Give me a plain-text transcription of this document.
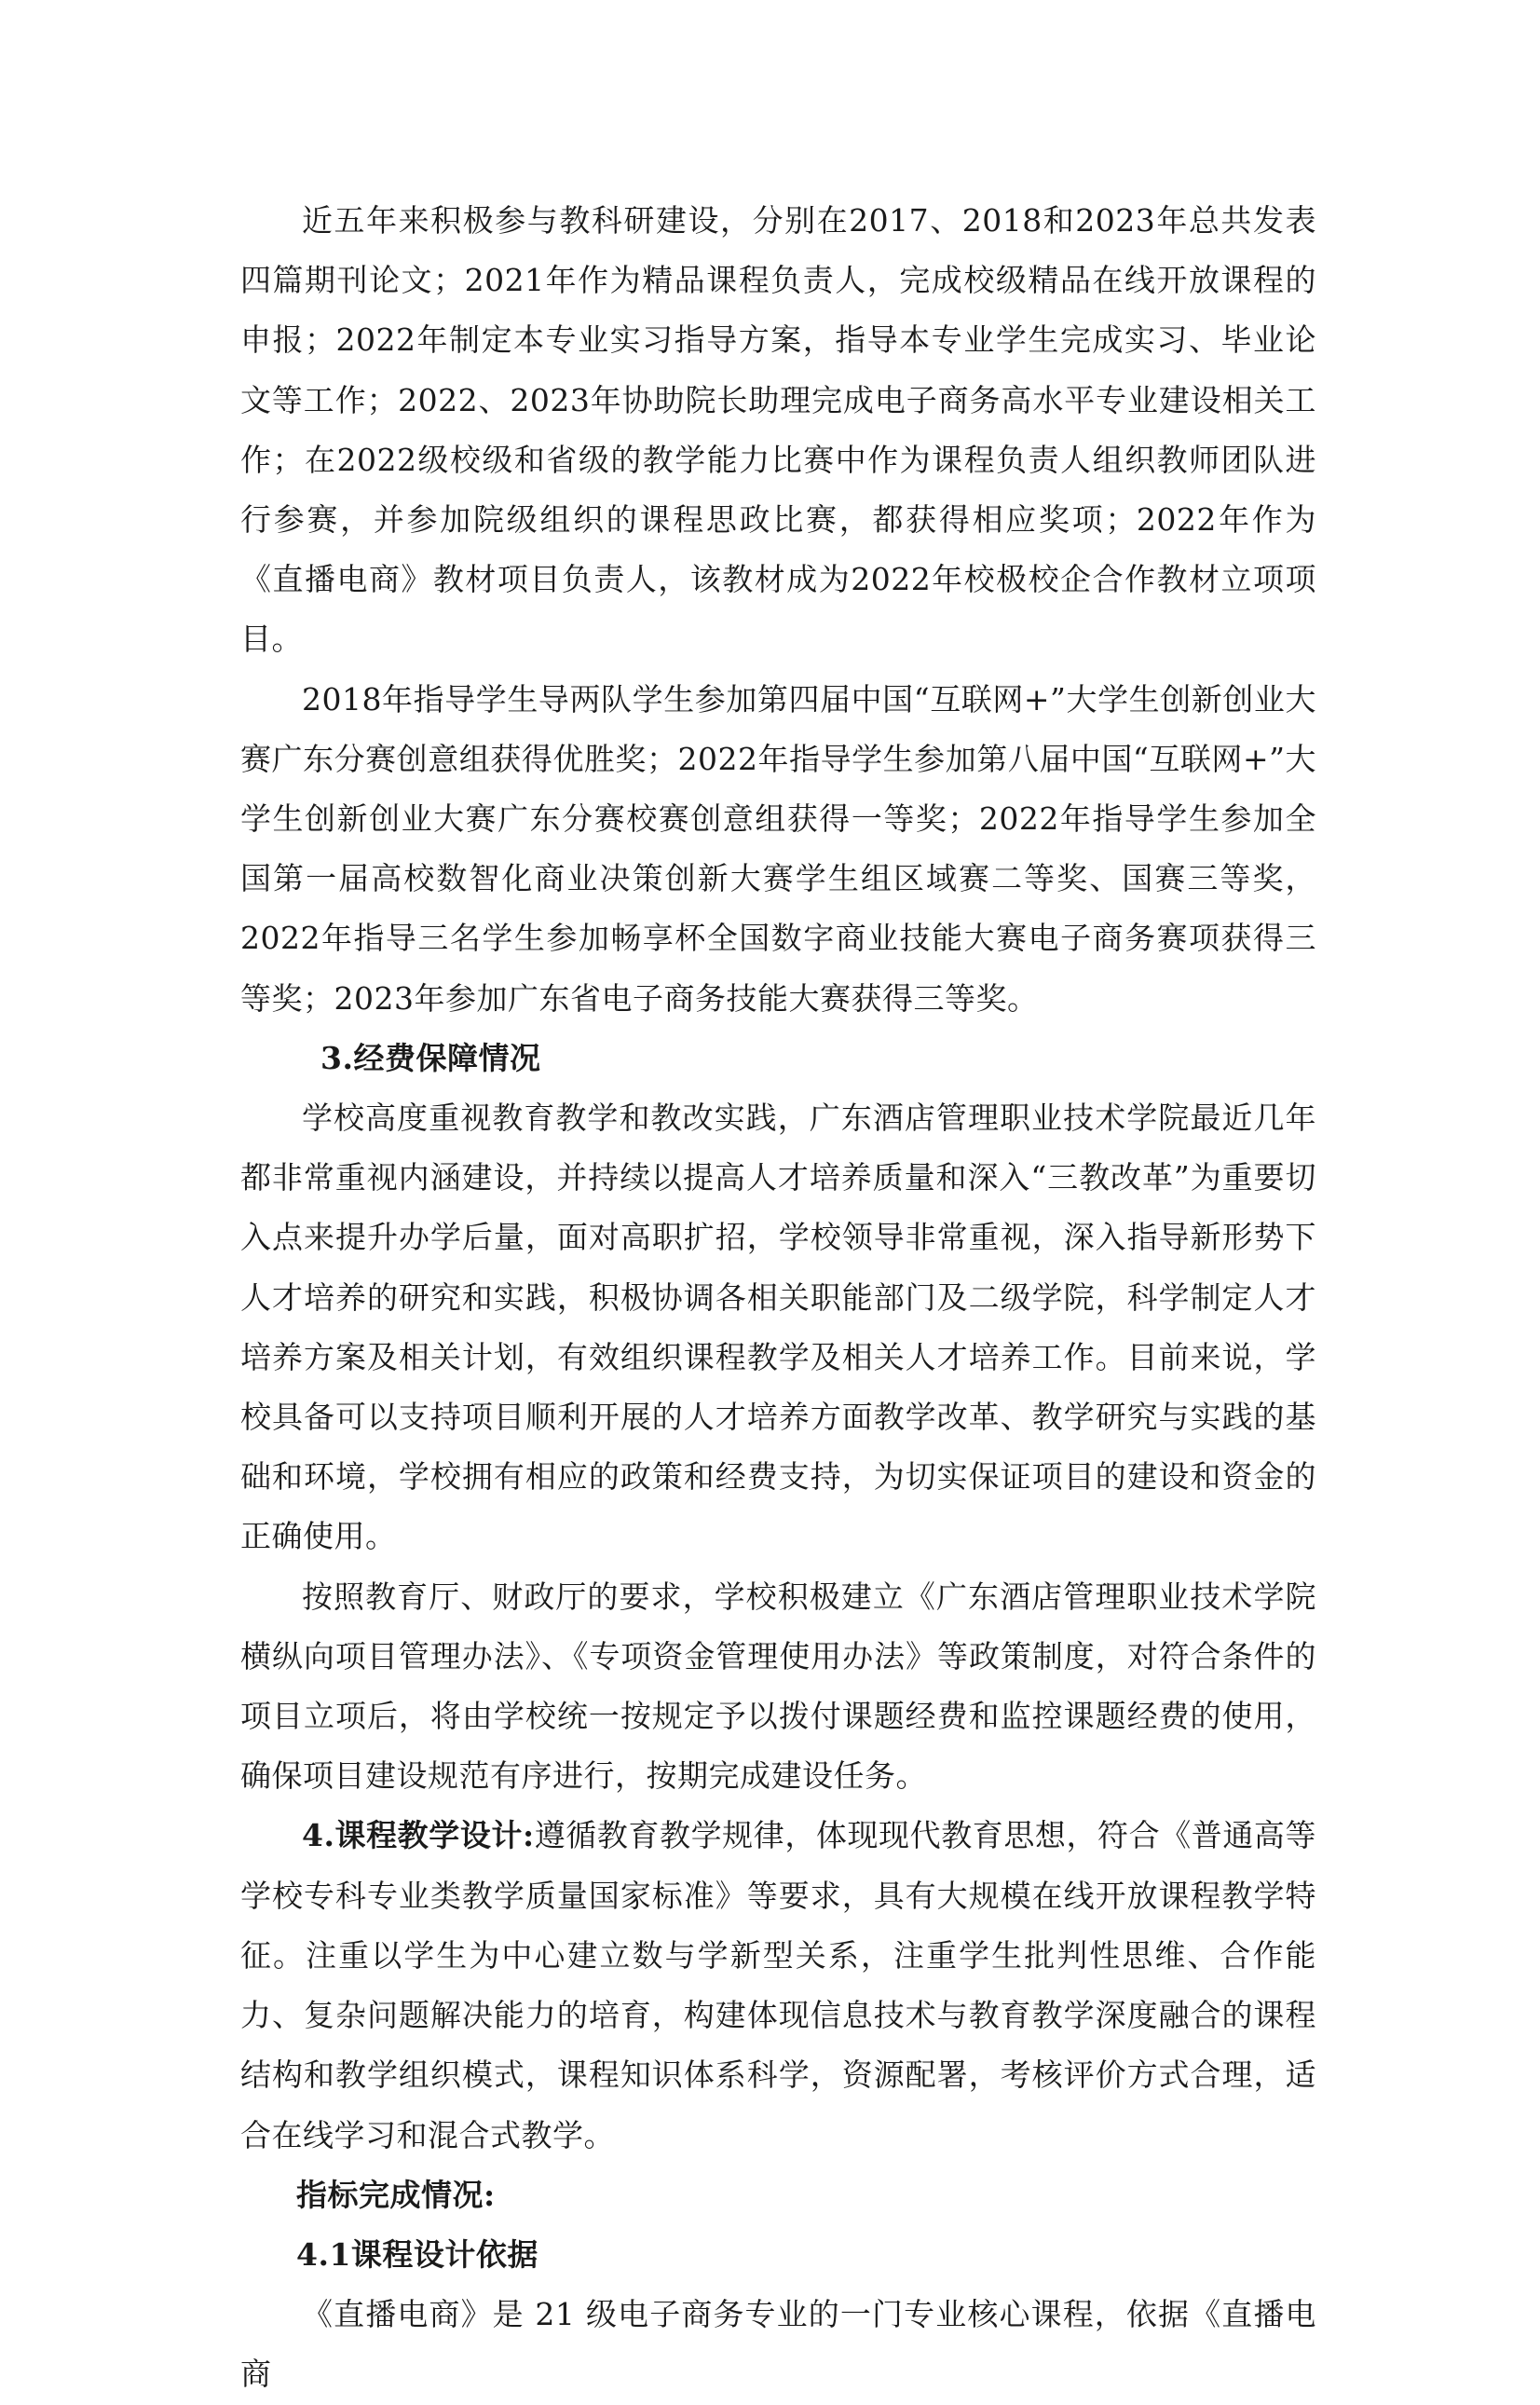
近五年来积极参与教科研建设，分别在2017、2018和2023年总共发表四篇期刊论文；2021年作为精品课程负责人，完成校级精品在线开放课程的申报；2022年制定本专业实习指导方案，指导本专业学生完成实习、毕业论文等工作；2022、2023年协助院长助理完成电子商务高水平专业建设相关工作；在2022级校级和省级的教学能力比赛中作为课程负责人组织教师团队进行参赛，并参加院级组织的课程思政比赛，都获得相应奖项；2022年作为《直播电商》教材项目负责人，该教材成为2022年校极校企合作教材立项项目。

2018年指导学生导两队学生参加第四届中国“互联网+”大学生创新创业大赛广东分赛创意组获得优胜奖；2022年指导学生参加第八届中国“互联网+”大学生创新创业大赛广东分赛校赛创意组获得一等奖；2022年指导学生参加全国第一届高校数智化商业决策创新大赛学生组区域赛二等奖、国赛三等奖，2022年指导三名学生参加畅享杯全国数字商业技能大赛电子商务赛项获得三等奖；2023年参加广东省电子商务技能大赛获得三等奖。

3.经费保障情况

学校高度重视教育教学和教改实践，广东酒店管理职业技术学院最近几年都非常重视内涵建设，并持续以提高人才培养质量和深入“三教改革”为重要切入点来提升办学后量，面对高职扩招，学校领导非常重视，深入指导新形势下人才培养的研究和实践，积极协调各相关职能部门及二级学院，科学制定人才培养方案及相关计划，有效组织课程教学及相关人才培养工作。目前来说，学校具备可以支持项目顺利开展的人才培养方面教学改革、教学研究与实践的基础和环境，学校拥有相应的政策和经费支持，为切实保证项目的建设和资金的正确使用。

按照教育厅、财政厅的要求，学校积极建立《广东酒店管理职业技术学院横纵向项目管理办法》、《专项资金管理使用办法》等政策制度，对符合条件的项目立项后，将由学校统一按规定予以拨付课题经费和监控课题经费的使用，确保项目建设规范有序进行，按期完成建设任务。

4.课程教学设计:遵循教育教学规律，体现现代教育思想，符合《普通高等学校专科专业类教学质量国家标准》等要求，具有大规模在线开放课程教学特征。注重以学生为中心建立数与学新型关系，注重学生批判性思维、合作能力、复杂问题解决能力的培育，构建体现信息技术与教育教学深度融合的课程结构和教学组织模式，课程知识体系科学，资源配署，考核评价方式合理，适合在线学习和混合式教学。

指标完成情况:

4.1课程设计依据

《直播电商》是 21 级电子商务专业的一门专业核心课程，依据《直播电商
